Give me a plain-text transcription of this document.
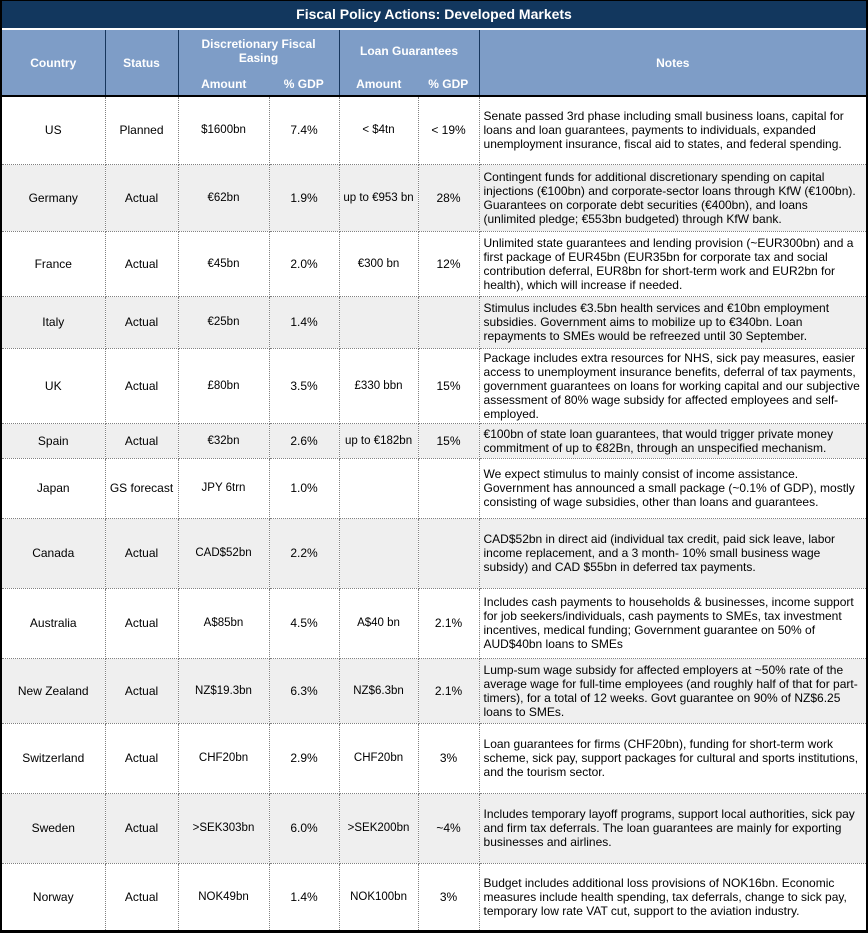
Fiscal Policy Actions: Developed Markets
Country	Status	Discretionary Fiscal Easing		Loan Guarantees		Notes
		Amount	% GDP	Amount	% GDP	
US	Planned	$1600bn	7.4%	< $4tn	< 19%	Senate passed 3rd phase including small business loans, capital for loans and loan guarantees, payments to individuals, expanded unemployment insurance, fiscal aid to states, and federal spending.
Germany	Actual	€62bn	1.9%	up to €953 bn	28%	Contingent funds for additional discretionary spending on capital injections (€100bn) and corporate-sector loans through KfW (€100bn). Guarantees on corporate debt securities (€400bn), and loans (unlimited pledge; €553bn budgeted) through KfW bank.
France	Actual	€45bn	2.0%	€300 bn	12%	Unlimited state guarantees and lending provision (~EUR300bn) and a first package of EUR45bn (EUR35bn for corporate tax and social contribution deferral, EUR8bn for short-term work and EUR2bn for health), which will increase if needed.
Italy	Actual	€25bn	1.4%			Stimulus includes €3.5bn health services and €10bn employment subsidies. Government aims to mobilize up to €340bn. Loan repayments to SMEs would be refreezed until 30 September.
UK	Actual	£80bn	3.5%	£330 bbn	15%	Package includes extra resources for NHS, sick pay measures, easier access to unemployment insurance benefits, deferral of tax payments, government guarantees on loans for working capital and our subjective assessment of 80% wage subsidy for affected employees and self-employed.
Spain	Actual	€32bn	2.6%	up to €182bn	15%	€100bn of state loan guarantees, that would trigger private money commitment of up to €82Bn, through an unspecified mechanism.
Japan	GS forecast	JPY 6trn	1.0%			We expect stimulus to mainly consist of income assistance. Government has announced a small package (~0.1% of GDP), mostly consisting of wage subsidies, other than loans and guarantees.
Canada	Actual	CAD$52bn	2.2%			CAD$52bn in direct aid (individual tax credit, paid sick leave, labor income replacement, and a 3 month- 10% small business wage subsidy) and CAD $55bn in deferred tax payments.
Australia	Actual	A$85bn	4.5%	A$40 bn	2.1%	Includes cash payments to households & businesses, income support for job seekers/individuals, cash payments to SMEs, tax investment incentives, medical funding; Government guarantee on 50% of AUD$40bn loans to SMEs
New Zealand	Actual	NZ$19.3bn	6.3%	NZ$6.3bn	2.1%	Lump-sum wage subsidy for affected employers at ~50% rate of the average wage for full-time employees (and roughly half of that for part-timers), for a total of 12 weeks. Govt guarantee on 90% of NZ$6.25 loans to SMEs.
Switzerland	Actual	CHF20bn	2.9%	CHF20bn	3%	Loan guarantees for firms (CHF20bn), funding for short-term work scheme, sick pay, support packages for cultural and sports institutions, and the tourism sector.
Sweden	Actual	>SEK303bn	6.0%	>SEK200bn	~4%	Includes temporary layoff programs, support local authorities, sick pay and firm tax deferrals. The loan guarantees are mainly for exporting businesses and airlines.
Norway	Actual	NOK49bn	1.4%	NOK100bn	3%	Budget includes additional loss provisions of NOK16bn. Economic measures include health spending, tax deferrals, change to sick pay, temporary low rate VAT cut, support to the aviation industry.
